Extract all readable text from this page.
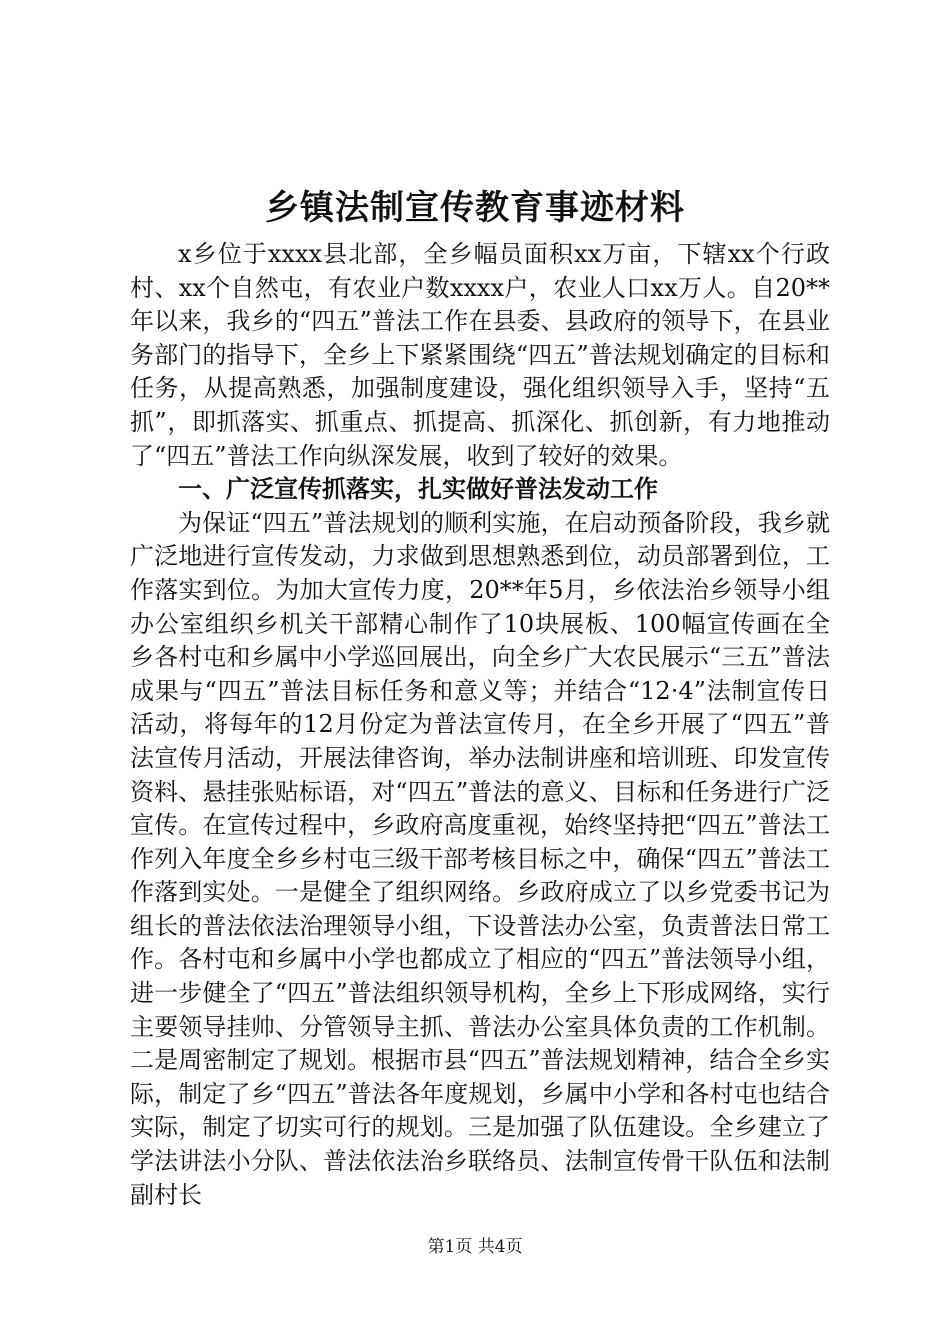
乡镇法制宣传教育事迹材料

x乡位于xxxx县北部，全乡幅员面积xx万亩，下辖xx个行政村、xx个自然屯，有农业户数xxxx户，农业人口xx万人。自20**年以来，我乡的“四五”普法工作在县委、县政府的领导下，在县业务部门的指导下，全乡上下紧紧围绕“四五”普法规划确定的目标和任务，从提高熟悉，加强制度建设，强化组织领导入手，坚持“五抓”，即抓落实、抓重点、抓提高、抓深化、抓创新，有力地推动了“四五”普法工作向纵深发展，收到了较好的效果。

一、广泛宣传抓落实，扎实做好普法发动工作

为保证“四五”普法规划的顺利实施，在启动预备阶段，我乡就广泛地进行宣传发动，力求做到思想熟悉到位，动员部署到位，工作落实到位。为加大宣传力度，20**年5月，乡依法治乡领导小组办公室组织乡机关干部精心制作了10块展板、100幅宣传画在全乡各村屯和乡属中小学巡回展出，向全乡广大农民展示“三五”普法成果与“四五”普法目标任务和意义等；并结合“12·4”法制宣传日活动，将每年的12月份定为普法宣传月，在全乡开展了“四五”普法宣传月活动，开展法律咨询，举办法制讲座和培训班、印发宣传资料、悬挂张贴标语，对“四五”普法的意义、目标和任务进行广泛宣传。在宣传过程中，乡政府高度重视，始终坚持把“四五”普法工作列入年度全乡乡村屯三级干部考核目标之中，确保“四五”普法工作落到实处。一是健全了组织网络。乡政府成立了以乡党委书记为组长的普法依法治理领导小组，下设普法办公室，负责普法日常工作。各村屯和乡属中小学也都成立了相应的“四五”普法领导小组，进一步健全了“四五”普法组织领导机构，全乡上下形成网络，实行主要领导挂帅、分管领导主抓、普法办公室具体负责的工作机制。二是周密制定了规划。根据市县“四五”普法规划精神，结合全乡实际，制定了乡“四五”普法各年度规划，乡属中小学和各村屯也结合实际，制定了切实可行的规划。三是加强了队伍建设。全乡建立了学法讲法小分队、普法依法治乡联络员、法制宣传骨干队伍和法制副村长

第1页 共4页
